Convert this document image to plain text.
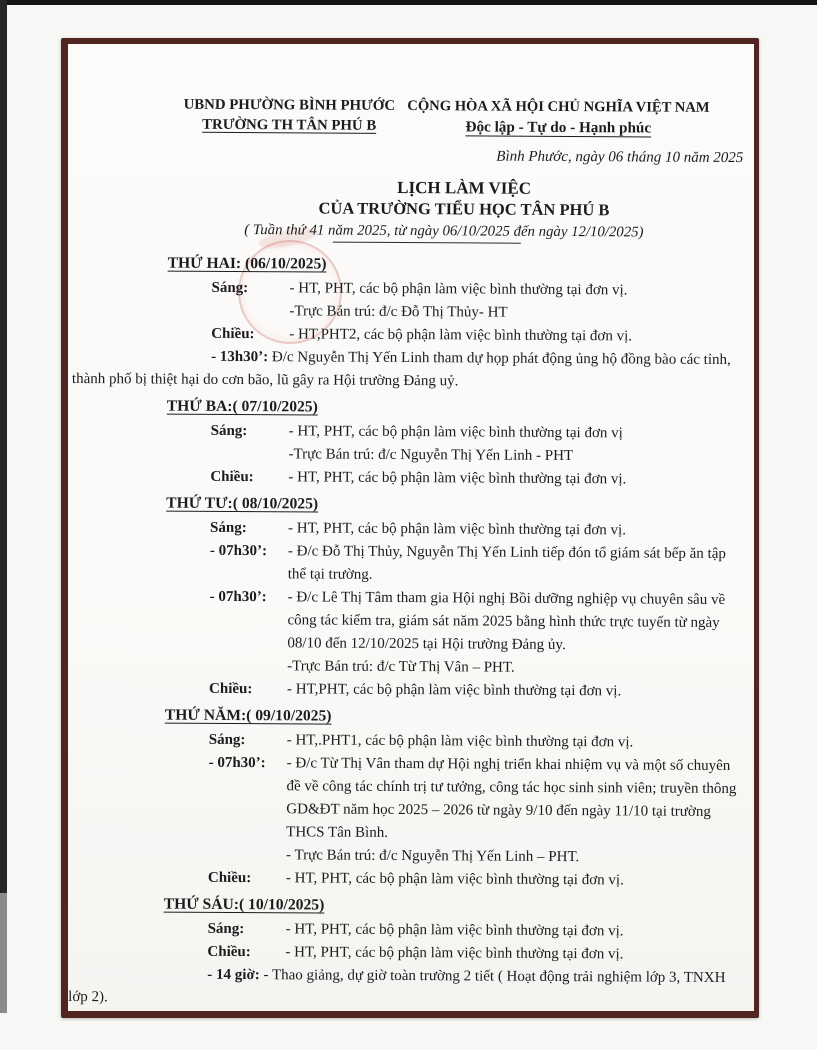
UBND PHƯỜNG BÌNH PHƯỚC
TRƯỜNG TH TÂN PHÚ B
CỘNG HÒA XÃ HỘI CHỦ NGHĨA VIỆT NAM
Độc lập - Tự do - Hạnh phúc
Bình Phước, ngày 06 tháng 10 năm 2025
LỊCH LÀM VIỆC
CỦA TRƯỜNG TIỂU HỌC TÂN PHÚ B
( Tuần thứ 41 năm 2025, từ ngày 06/10/2025 đến ngày 12/10/2025)
THỨ HAI: (06/10/2025)
Sáng:	- HT, PHT, các bộ phận làm việc bình thường tại đơn vị.
-Trực Bán trú: đ/c Đỗ Thị Thủy- HT
Chiều:	- HT,PHT2, các bộ phận làm việc bình thường tại đơn vị.

- 13h30’: Đ/c Nguyễn Thị Yến Linh tham dự họp phát động ủng hộ đồng bào các tỉnh, thành phố bị thiệt hại do cơn bão, lũ gây ra Hội trường Đảng uỷ.

THỨ BA:( 07/10/2025)
Sáng:	- HT, PHT, các bộ phận làm việc bình thường tại đơn vị
-Trực Bán trú: đ/c Nguyễn Thị Yến Linh - PHT
Chiều:	- HT, PHT, các bộ phận làm việc bình thường tại đơn vị.
THỨ TƯ:( 08/10/2025)
Sáng:	- HT, PHT, các bộ phận làm việc bình thường tại đơn vị.
- 07h30’:	- Đ/c Đỗ Thị Thủy, Nguyễn Thị Yến Linh tiếp đón tổ giám sát bếp ăn tập thể tại trường.
- 07h30’:	- Đ/c Lê Thị Tâm tham gia Hội nghị Bồi dưỡng nghiệp vụ chuyên sâu về công tác kiểm tra, giám sát năm 2025 bằng hình thức trực tuyến từ ngày 08/10 đến 12/10/2025 tại Hội trường Đảng ủy.
-Trực Bán trú: đ/c Từ Thị Vân – PHT.
Chiều:	- HT,PHT, các bộ phận làm việc bình thường tại đơn vị.
THỨ NĂM:( 09/10/2025)
Sáng:	- HT,.PHT1, các bộ phận làm việc bình thường tại đơn vị.
- 07h30’:	- Đ/c Từ Thị Vân tham dự Hội nghị triển khai nhiệm vụ và một số chuyên đề về công tác chính trị tư tưởng, công tác học sinh sinh viên; truyền thông GD&ĐT năm học 2025 – 2026 từ ngày 9/10 đến ngày 11/10 tại trường THCS Tân Bình.
- Trực Bán trú: đ/c Nguyễn Thị Yến Linh – PHT.
Chiều:	- HT, PHT, các bộ phận làm việc bình thường tại đơn vị.
THỨ SÁU:( 10/10/2025)
Sáng:	- HT, PHT, các bộ phận làm việc bình thường tại đơn vị.
Chiều:	- HT, PHT, các bộ phận làm việc bình thường tại đơn vị.

- 14 giờ: - Thao giảng, dự giờ toàn trường 2 tiết ( Hoạt động trải nghiệm lớp 3, TNXH lớp 2).
